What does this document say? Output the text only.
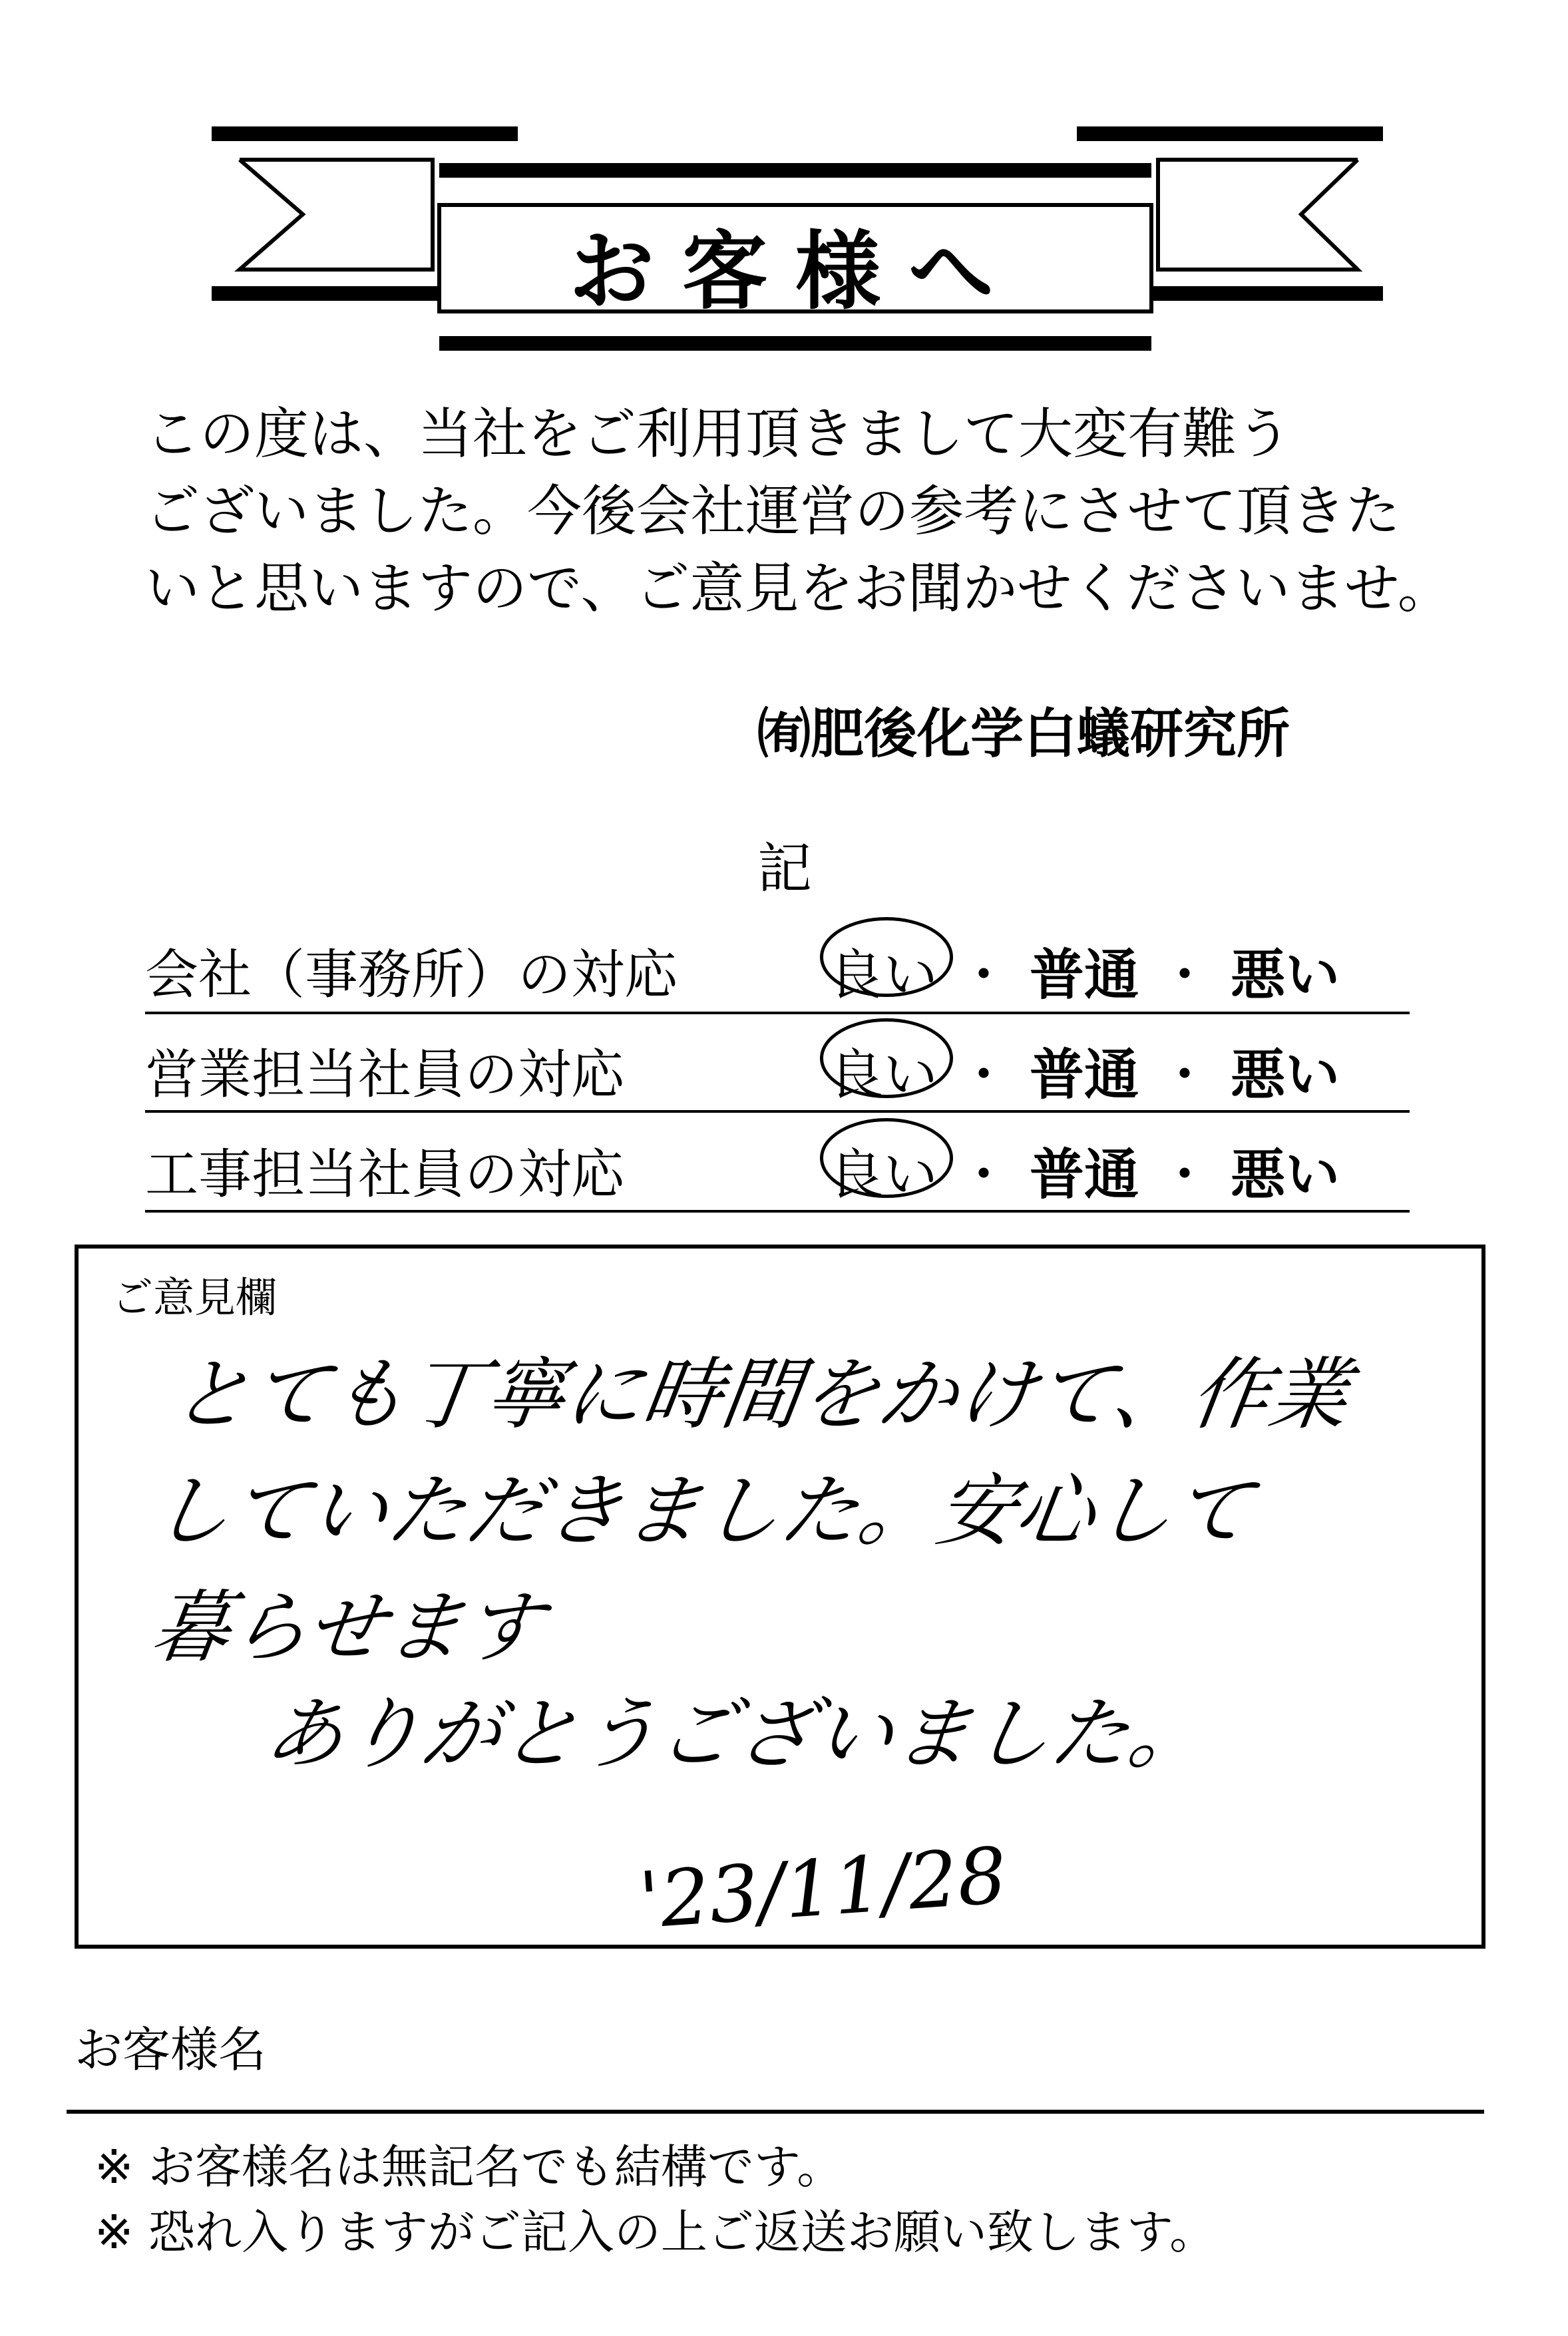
お客様へ
この度は、当社をご利用頂きまして大変有難う
ございました。今後会社運営の参考にさせて頂きた
いと思いますので、ご意見をお聞かせくださいませ。
㈲肥後化学白蟻研究所
記
会社（事務所）の対応	良い ・ 普通 ・ 悪い
営業担当社員の対応	良い ・ 普通 ・ 悪い
工事担当社員の対応	良い ・ 普通 ・ 悪い
ご意見欄
とても丁寧に時間をかけて、作業
していただきました。安心して
暮らせます
ありがとうございました。
'23/11/28
お客様名
※ お客様名は無記名でも結構です。
※ 恐れ入りますがご記入の上ご返送お願い致します。
